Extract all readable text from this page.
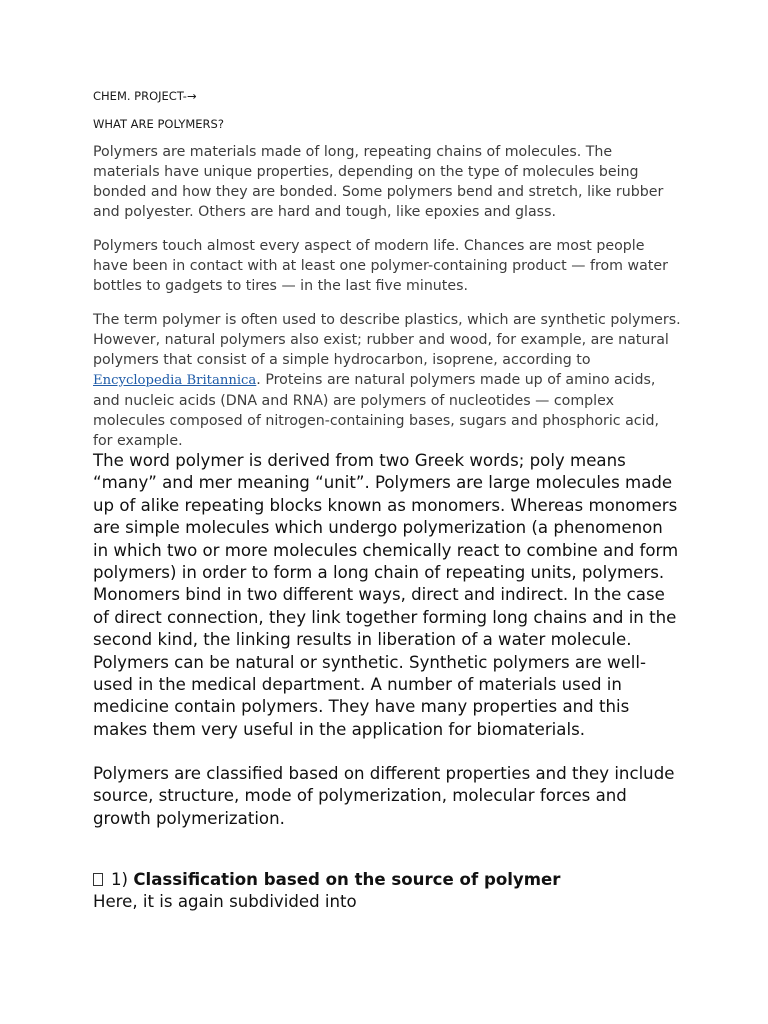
CHEM. PROJECT-→
WHAT ARE POLYMERS?

Polymers are materials made of long, repeating chains of molecules. The materials have unique properties, depending on the type of molecules being bonded and how they are bonded. Some polymers bend and stretch, like rubber and polyester. Others are hard and tough, like epoxies and glass.

Polymers touch almost every aspect of modern life. Chances are most people have been in contact with at least one polymer-containing product — from water bottles to gadgets to tires — in the last five minutes.

The term polymer is often used to describe plastics, which are synthetic polymers. However, natural polymers also exist; rubber and wood, for example, are natural polymers that consist of a simple hydrocarbon, isoprene, according to Encyclopedia Britannica. Proteins are natural polymers made up of amino acids, and nucleic acids (DNA and RNA) are polymers of nucleotides — complex molecules composed of nitrogen-containing bases, sugars and phosphoric acid, for example.

The word polymer is derived from two Greek words; poly means “many” and mer meaning “unit”. Polymers are large molecules made up of alike repeating blocks known as monomers. Whereas monomers are simple molecules which undergo polymerization (a phenomenon in which two or more molecules chemically react to combine and form polymers) in order to form a long chain of repeating units, polymers. Monomers bind in two different ways, direct and indirect. In the case of direct connection, they link together forming long chains and in the second kind, the linking results in liberation of a water molecule. Polymers can be natural or synthetic. Synthetic polymers are well-used in the medical department. A number of materials used in medicine contain polymers. They have many properties and this makes them very useful in the application for biomaterials.

Polymers are classified based on different properties and they include source, structure, mode of polymerization, molecular forces and growth polymerization.

1) Classification based on the source of polymer
Here, it is again subdivided into
